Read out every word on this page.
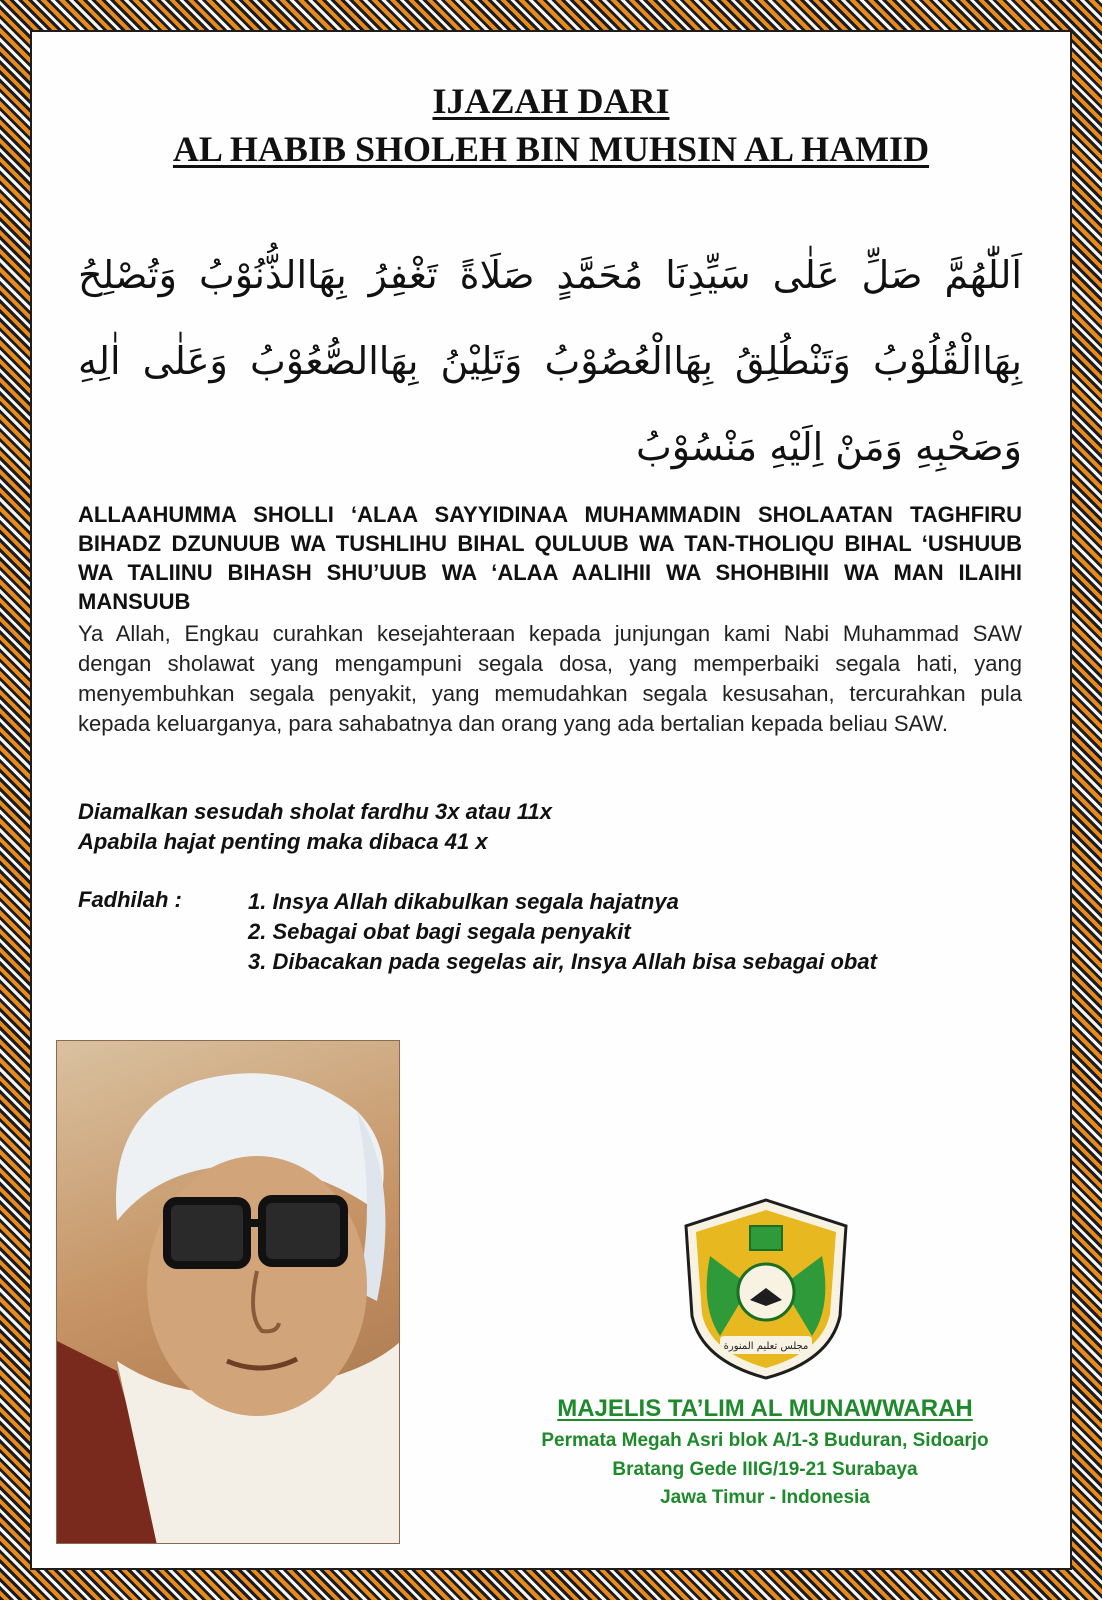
IJAZAH DARI
AL HABIB SHOLEH BIN MUHSIN AL HAMID
اَللّٰهُمَّ صَلِّ عَلٰى سَيِّدِنَا مُحَمَّدٍ صَلَاةً تَغْفِرُ بِهَاالذُّنُوْبُ وَتُصْلِحُ بِهَاالْقُلُوْبُ وَتَنْطُلِقُ بِهَاالْعُصُوْبُ وَتَلِيْنُ بِهَاالصُّعُوْبُ وَعَلٰى اٰلِهِ وَصَحْبِهِ وَمَنْ اِلَيْهِ مَنْسُوْبُ

ALLAAHUMMA SHOLLI ‘ALAA SAYYIDINAA MUHAMMADIN SHOLAATAN TAGHFIRU BIHADZ DZUNUUB WA TUSHLIHU BIHAL QULUUB WA TAN-THOLIQU BIHAL ‘USHUUB WA TALIINU BIHASH SHU’UUB WA ‘ALAA AALIHII WA SHOHBIHII WA MAN ILAIHI MANSUUB

Ya Allah, Engkau curahkan kesejahteraan kepada junjungan kami Nabi Muhammad SAW dengan sholawat yang mengampuni segala dosa, yang memperbaiki segala hati, yang menyembuhkan segala penyakit, yang memudahkan segala kesusahan, tercurahkan pula kepada keluarganya, para sahabatnya dan orang yang ada bertalian kepada beliau SAW.

Diamalkan sesudah sholat fardhu 3x atau 11x
Apabila hajat penting maka dibaca 41 x
Fadhilah :	1. Insya Allah dikabulkan segala hajatnya
2. Sebagai obat bagi segala penyakit
3. Dibacakan pada segelas air, Insya Allah bisa sebagai obat
مجلس تعليم المنورة
MAJELIS TA’LIM AL MUNAWWARAH
Permata Megah Asri blok A/1-3 Buduran, Sidoarjo
Bratang Gede IIIG/19-21 Surabaya
Jawa Timur - Indonesia
